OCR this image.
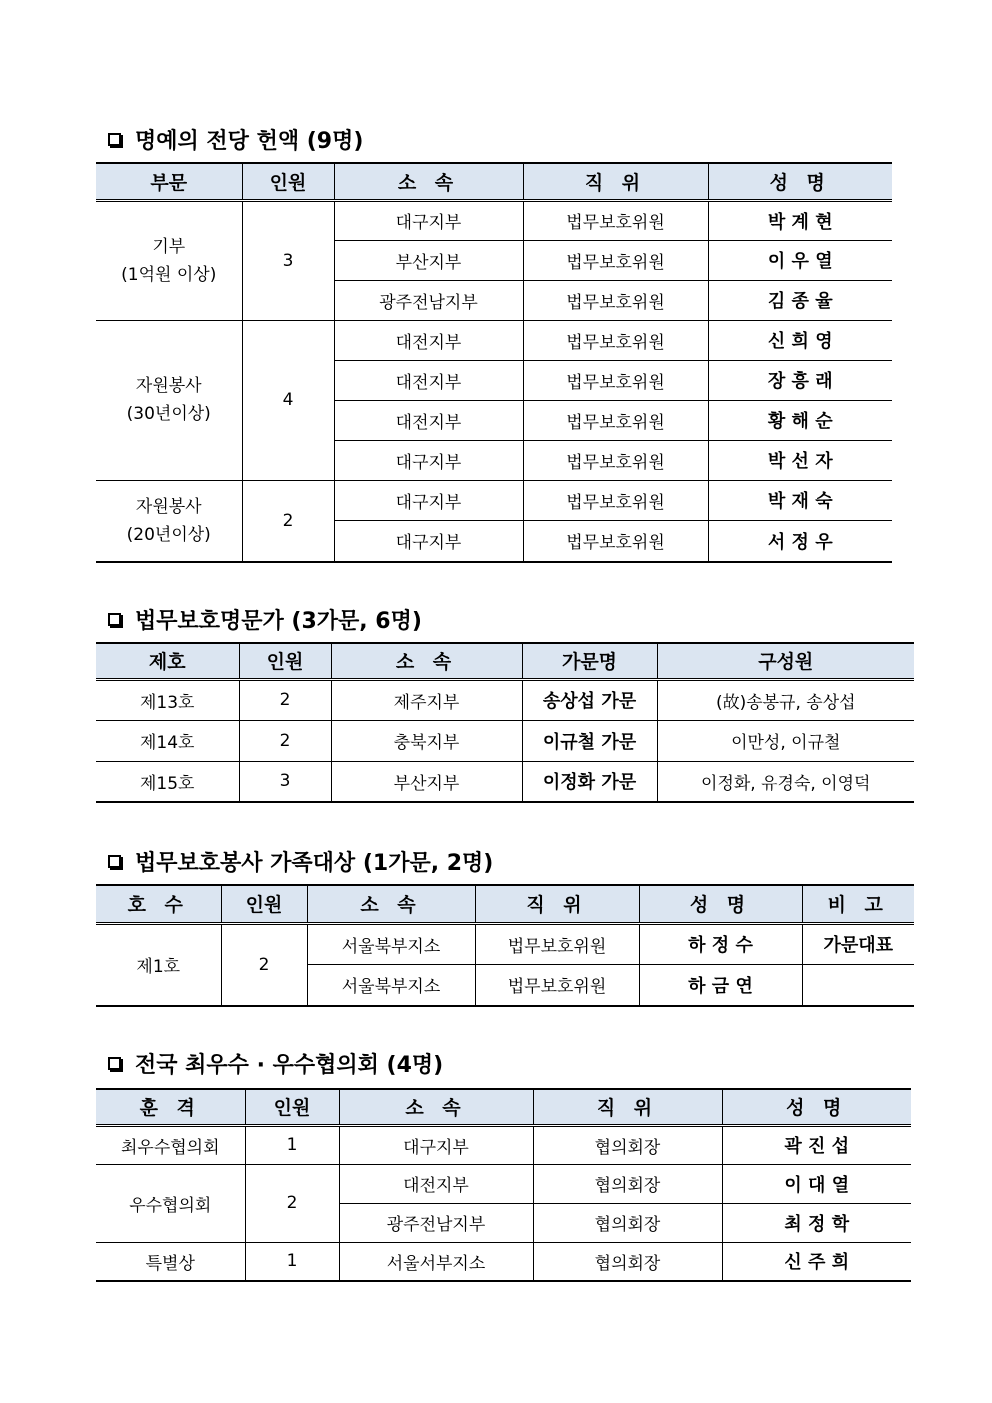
명예의 전당 헌액 (9명)
부문	인원	소 속	직 위	성 명
기부
(1억원 이상)	3	대구지부	법무보호위원	박 계 현
		부산지부	법무보호위원	이 우 열
		광주전남지부	법무보호위원	김 종 율
자원봉사
(30년이상)	4	대전지부	법무보호위원	신 희 영
		대전지부	법무보호위원	장 흥 래
		대전지부	법무보호위원	황 해 순
		대구지부	법무보호위원	박 선 자
자원봉사
(20년이상)	2	대구지부	법무보호위원	박 재 숙
		대구지부	법무보호위원	서 정 우
법무보호명문가 (3가문, 6명)
제호	인원	소 속	가문명	구성원
제13호	2	제주지부	송상섭 가문	(故)송봉규, 송상섭
제14호	2	충북지부	이규철 가문	이만성, 이규철
제15호	3	부산지부	이정화 가문	이정화, 유경숙, 이영덕
법무보호봉사 가족대상 (1가문, 2명)
호 수	인원	소 속	직 위	성 명	비 고
제1호	2	서울북부지소	법무보호위원	하 정 수	가문대표
		서울북부지소	법무보호위원	하 금 연	
전국 최우수 · 우수협의회 (4명)
훈 격	인원	소 속	직 위	성 명
최우수협의회	1	대구지부	협의회장	곽 진 섭
우수협의회	2	대전지부	협의회장	이 대 열
		광주전남지부	협의회장	최 정 학
특별상	1	서울서부지소	협의회장	신 주 희
